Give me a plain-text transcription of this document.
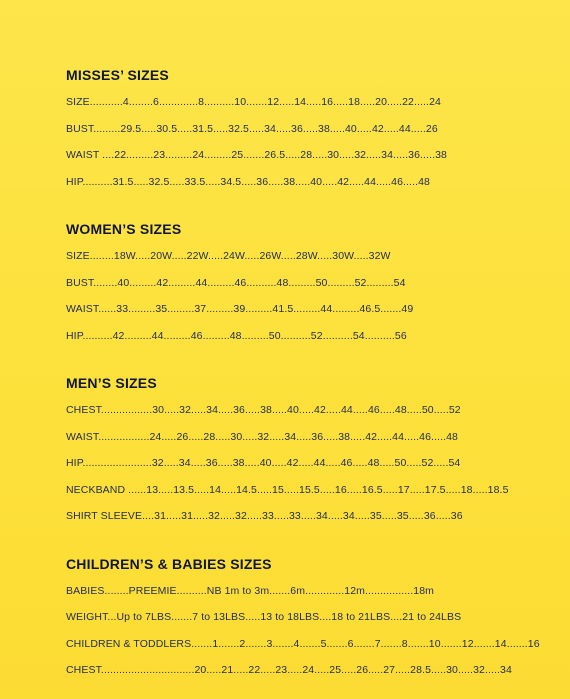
MISSES’ SIZES
SIZE...........4........6.............8..........10.......12.....14.....16.....18.....20.....22.....24
BUST.........29.5.....30.5.....31.5.....32.5.....34.....36.....38.....40.....42.....44.....26
WAIST ....22.........23.........24.........25.......26.5.....28.....30.....32.....34.....36.....38
HIP..........31.5.....32.5.....33.5.....34.5.....36.....38.....40.....42.....44.....46.....48
WOMEN’S SIZES
SIZE........18W.....20W.....22W.....24W.....26W.....28W.....30W.....32W
BUST........40.........42.........44.........46..........48.........50.........52.........54
WAIST......33.........35.........37.........39.........41.5.........44.........46.5.......49
HIP..........42.........44.........46.........48.........50..........52..........54..........56
MEN’S SIZES
CHEST.................30.....32.....34.....36.....38.....40.....42.....44.....46.....48.....50.....52
WAIST.................24.....26.....28.....30.....32.....34.....36.....38.....42.....44.....46.....48
HIP.......................32.....34.....36.....38.....40.....42.....44.....46.....48.....50.....52.....54
NECKBAND ......13.....13.5.....14.....14.5.....15.....15.5.....16.....16.5.....17.....17.5.....18.....18.5
SHIRT SLEEVE....31.....31.....32.....32.....33.....33.....34.....34.....35.....35.....36.....36
CHILDREN’S & BABIES SIZES
BABIES........PREEMIE..........NB 1m to 3m.......6m.............12m................18m
WEIGHT...Up to 7LBS.......7 to 13LBS.....13 to 18LBS....18 to 21LBS....21 to 24LBS
CHILDREN & TODDLERS.......1.......2.......3.......4.......5.......6.......7.......8.......10.......12.......14.......16
CHEST...............................20.....21.....22.....23.....24.....25.....26.....27.....28.5.....30.....32.....34
